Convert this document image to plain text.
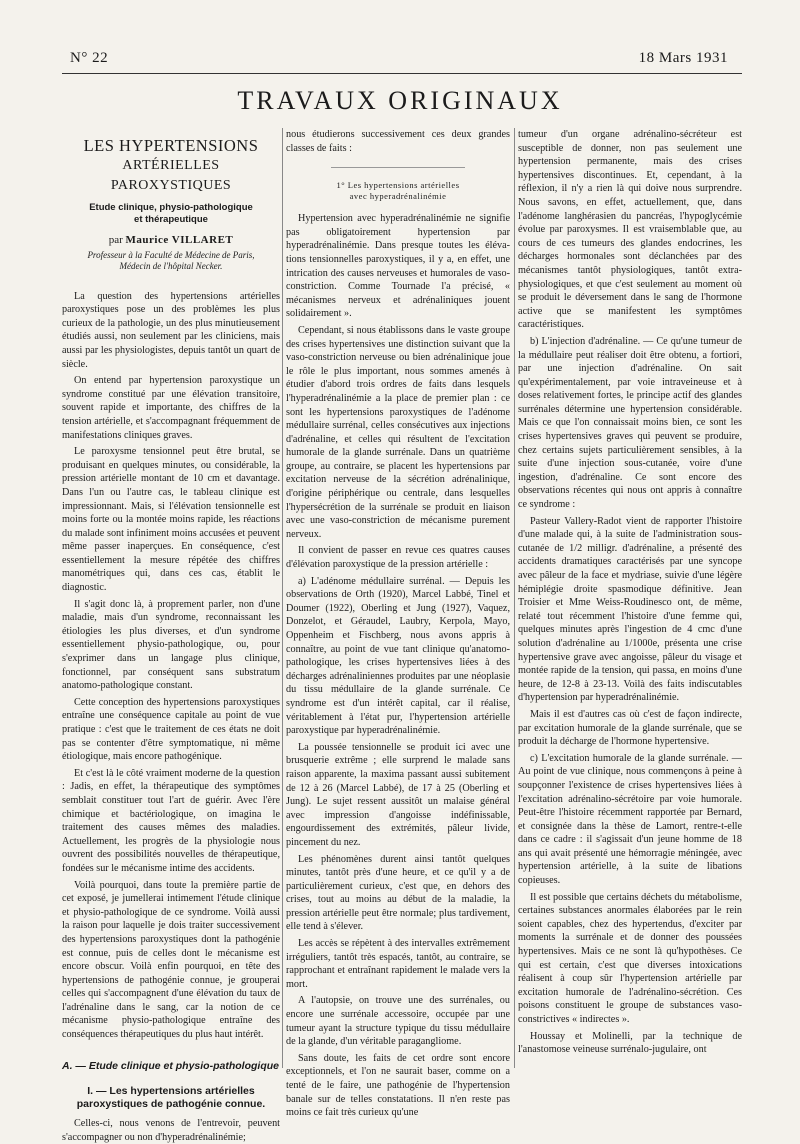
N° 22	18 Mars 1931
TRAVAUX ORIGINAUX
LES HYPERTENSIONS
ARTÉRIELLES PAROXYSTIQUES
Etude clinique, physio-pathologique
et thérapeutique
par Maurice VILLARET
Professeur à la Faculté de Médecine de Paris,
Médecin de l'hôpital Necker.

La question des hypertensions artérielles paroxystiques pose un des problèmes les plus curieux de la pathologie, un des plus minutieusement étudiés aussi, non seulement par les cliniciens, mais aussi par les physiologistes, depuis tantôt un quart de siècle.

On entend par hypertension paroxystique un syndrome constitué par une élévation transitoire, souvent rapide et importante, des chiffres de la tension artérielle, et s'accompagnant fréquemment de manifestations cliniques graves.

Le paroxysme tensionnel peut être brutal, se produisant en quelques minutes, ou considérable, la pression artérielle montant de 10 cm et davantage. Dans l'un ou l'autre cas, le tableau clinique est impressionnant. Mais, si l'élévation tensionnelle est moins forte ou la montée moins rapide, les réactions du malade sont infiniment moins accusées et peuvent même passer inaperçues. En conséquence, c'est essentiellement la mesure répétée des chiffres manométriques qui, dans ces cas, établit le diagnostic.

Il s'agit donc là, à proprement parler, non d'une maladie, mais d'un syndrome, reconnaissant les étiologies les plus diverses, et d'un syndrome essentiellement physio-pathologique, ou, pour s'exprimer dans un langage plus clinique, fonctionnel, par conséquent sans substratum anatomo-pathologique constant.

Cette conception des hypertensions paroxystiques entraîne une conséquence capitale au point de vue pratique : c'est que le traitement de ces états ne doit pas se contenter d'être symptomatique, ni même étiologique, mais encore pathogénique.

Et c'est là le côté vraiment moderne de la question : Jadis, en effet, la thérapeutique des symptômes semblait constituer tout l'art de guérir. Avec l'ère chimique et bactériologique, on imagina le traitement des causes mêmes des maladies. Actuellement, les progrès de la physiologie nous ouvrent des possibilités nouvelles de thérapeutique, fondées sur le mécanisme intime des accidents.

Voilà pourquoi, dans toute la première partie de cet exposé, je jumellerai intimement l'étude clinique et physio-pathologique de ce syndrome. Voilà aussi la raison pour laquelle je dois traiter successivement des hypertensions paroxystiques dont la pathogénie est connue, puis de celles dont le mécanisme est encore obscur. Voilà enfin pourquoi, en tête des hypertensions de pathogénie connue, je grouperai celles qui s'accompagnent d'une élévation du taux de l'adrénaline dans le sang, car la notion de ce mécanisme physio-pathologique entraîne des conséquences thérapeutiques du plus haut intérêt.

A. — Etude clinique et physio-pathologique
I. — Les hypertensions artérielles
paroxystiques de pathogénie connue.

Celles-ci, nous venons de l'entrevoir, peuvent s'accompagner ou non d'hyperadrénalinémie;

nous étudierons successivement ces deux grandes classes de faits :

1° Les hypertensions artérielles
avec hyperadrénalinémie

Hypertension avec hyperadrénalinémie ne signifie pas obligatoirement hypertension par hyperadrénalinémie. Dans presque toutes les élévations tensionnelles paroxystiques, il y a, en effet, une intrication des causes nerveuses et humorales de vaso-constriction. Comme Tournade l'a précisé, « mécanismes nerveux et adrénaliniques jouent solidairement ».

Cependant, si nous établissons dans le vaste groupe des crises hypertensives une distinction suivant que la vaso-constriction nerveuse ou bien adrénalinique joue le rôle le plus important, nous sommes amenés à étudier d'abord trois ordres de faits dans lesquels l'hyperadrénalinémie a la place de premier plan : ce sont les hypertensions paroxystiques de l'adénome médullaire surrénal, celles consécutives aux injections d'adrénaline, et celles qui résultent de l'excitation humorale de la glande surrénale. Dans un quatrième groupe, au contraire, se placent les hypertensions par excitation nerveuse de la sécrétion adrénalinique, d'origine périphérique ou centrale, dans lesquelles l'hypersécrétion de la surrénale se produit en liaison avec une vaso-constriction de mécanisme purement nerveux.

Il convient de passer en revue ces quatres causes d'élévation paroxystique de la pression artérielle :

a) L'adénome médullaire surrénal. — Depuis les observations de Orth (1920), Marcel Labbé, Tinel et Doumer (1922), Oberling et Jung (1927), Vaquez, Donzelot, et Géraudel, Laubry, Kerpola, Mayo, Oppenheim et Fischberg, nous avons appris à connaître, au point de vue tant clinique qu'anatomo-pathologique, les crises hypertensives liées à des décharges adrénaliniennes produites par une néoplasie du tissu médullaire de la glande surrénale. Ce syndrome est d'un intérêt capital, car il réalise, véritablement à l'état pur, l'hypertension artérielle paroxystique par hyperadrénalinémie.

La poussée tensionnelle se produit ici avec une brusquerie extrême ; elle surprend le malade sans raison apparente, la maxima passant aussi subitement de 12 à 26 (Marcel Labbé), de 17 à 25 (Oberling et Jung). Le sujet ressent aussitôt un malaise général avec impression d'angoisse indéfinissable, engourdissement des extrémités, pâleur livide, pincement du nez.

Les phénomènes durent ainsi tantôt quelques minutes, tantôt près d'une heure, et ce qu'il y a de particulièrement curieux, c'est que, en dehors des crises, tout au moins au début de la maladie, la pression artérielle peut être normale; plus tardivement, elle tend à s'élever.

Les accès se répètent à des intervalles extrêmement irréguliers, tantôt très espacés, tantôt, au contraire, se rapprochant et entraînant rapidement le malade vers la mort.

A l'autopsie, on trouve une des surrénales, ou encore une surrénale accessoire, occupée par une tumeur ayant la structure typique du tissu médullaire de la glande, d'un véritable paragangliome.

Sans doute, les faits de cet ordre sont encore exceptionnels, et l'on ne saurait baser, comme on a tenté de le faire, une pathogénie de l'hypertension banale sur de telles constatations. Il n'en reste pas moins ce fait très curieux qu'une

tumeur d'un organe adrénalino-sécréteur est susceptible de donner, non pas seulement une hypertension permanente, mais des crises hypertensives discontinues. Et, cependant, à la réflexion, il n'y a rien là qui doive nous surprendre. Nous savons, en effet, actuellement, que, dans l'adénome langhérasien du pancréas, l'hypoglycémie évolue par paroxysmes. Il est vraisemblable que, au cours de ces tumeurs des glandes endocrines, les décharges hormonales sont déclanchées par des mécanismes tantôt physiologiques, tantôt extra-physiologiques, et que c'est seulement au moment où se produit le déversement dans le sang de l'hormone active que se manifestent les symptômes caractéristiques.

b) L'injection d'adrénaline. — Ce qu'une tumeur de la médullaire peut réaliser doit être obtenu, a fortiori, par une injection d'adrénaline. On sait qu'expérimentalement, par voie intraveineuse et à doses relativement fortes, le principe actif des glandes surrénales détermine une hypertension considérable. Mais ce que l'on connaissait moins bien, ce sont les crises hypertensives graves qui peuvent se produire, chez certains sujets particulièrement sensibles, à la suite d'une injection sous-cutanée, voire d'une ingestion, d'adrénaline. Ce sont encore des observations récentes qui nous ont appris à connaître ce syndrome :

Pasteur Vallery-Radot vient de rapporter l'histoire d'une malade qui, à la suite de l'administration sous-cutanée de 1/2 milligr. d'adrénaline, a présenté des accidents dramatiques caractérisés par une syncope avec pâleur de la face et mydriase, suivie d'une légère hémiplégie droite spasmodique définitive. Jean Troisier et Mme Weiss-Roudinesco ont, de même, relaté tout récemment l'histoire d'une femme qui, quelques minutes après l'ingestion de 4 cmc d'une solution d'adrénaline au 1/1000e, présenta une crise hypertensive grave avec angoisse, pâleur du visage et montée rapide de la tension, qui passa, en moins d'une heure, de 12-8 à 23-13. Voilà des faits indiscutables d'hypertension par hyperadrénalinémie.

Mais il est d'autres cas où c'est de façon indirecte, par excitation humorale de la glande surrénale, que se produit la décharge de l'hormone hypertensive.

c) L'excitation humorale de la glande surrénale. — Au point de vue clinique, nous commençons à peine à soupçonner l'existence de crises hypertensives liées à l'excitation adrénalino-sécrétoire par voie humorale. Peut-être l'histoire récemment rapportée par Bernard, et consignée dans la thèse de Lamort, rentre-t-elle dans ce cadre : il s'agissait d'un jeune homme de 18 ans qui avait présenté une hémorragie méningée, avec hypertension artérielle, à la suite de libations copieuses.

Il est possible que certains déchets du métabolisme, certaines substances anormales élaborées par le rein soient capables, chez des hypertendus, d'exciter par moments la surrénale et de donner des poussées hypertensives. Mais ce ne sont là qu'hypothèses. Ce qui est certain, c'est que diverses intoxications réalisent à coup sûr l'hypertension artérielle par excitation humorale de l'adrénalino-sécrétion. Ces poisons constituent le groupe de substances vaso-constrictives « indirectes ».

Houssay et Molinelli, par la technique de l'anastomose veineuse surrénalo-jugulaire, ont
